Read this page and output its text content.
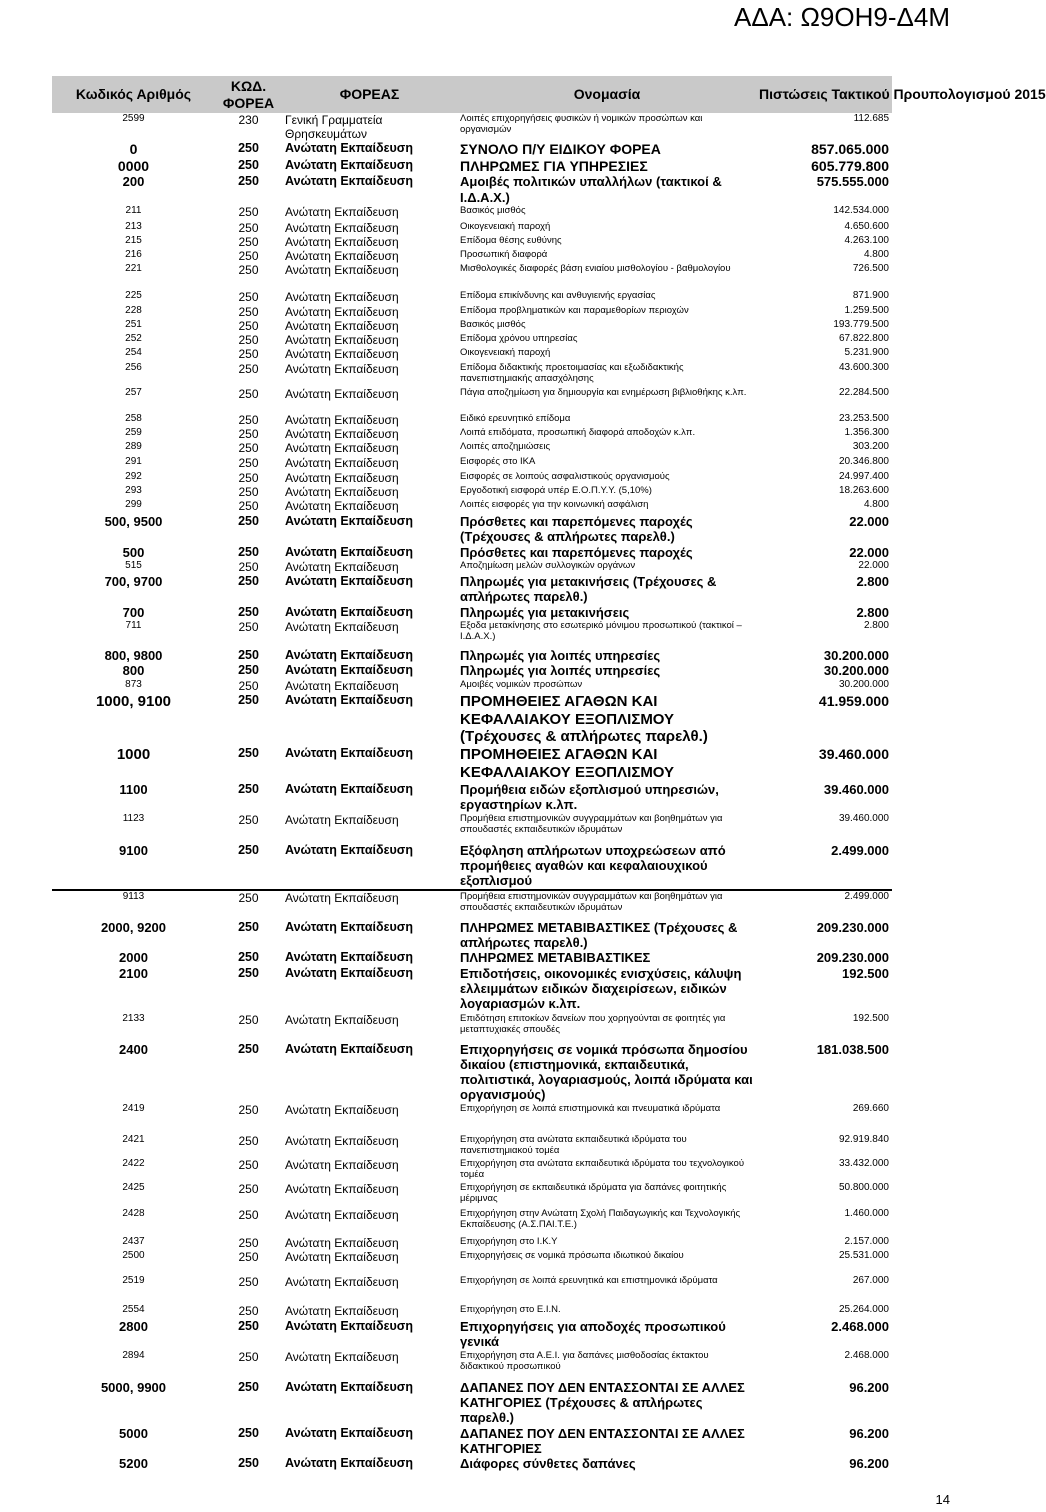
ΑΔΑ: Ω9ΟΗ9-Δ4Μ
Κωδικός Αριθμός	ΚΩΔ. ΦΟΡΕΑ	ΦΟΡΕΑΣ	Ονομασία	Πιστώσεις Τακτικού Προυπολογισμού 2015
2599	230	Γενική Γραμματεία Θρησκευμάτων	Λοιπές επιχορηγήσεις φυσικών ή νομικών προσώπων και οργανισμών	112.685
0	250	Ανώτατη Εκπαίδευση	ΣΥΝΟΛΟ Π/Υ ΕΙΔΙΚΟΥ ΦΟΡΕΑ	857.065.000
0000	250	Ανώτατη Εκπαίδευση	ΠΛΗΡΩΜΕΣ ΓΙΑ ΥΠΗΡΕΣΙΕΣ	605.779.800
200	250	Ανώτατη Εκπαίδευση	Αμοιβές πολιτικών υπαλλήλων (τακτικοί & Ι.Δ.Α.Χ.)	575.555.000
211	250	Ανώτατη Εκπαίδευση	Βασικός μισθός	142.534.000
213	250	Ανώτατη Εκπαίδευση	Οικογενειακή παροχή	4.650.600
215	250	Ανώτατη Εκπαίδευση	Επίδομα θέσης ευθύνης	4.263.100
216	250	Ανώτατη Εκπαίδευση	Προσωπική διαφορά	4.800
221	250	Ανώτατη Εκπαίδευση	Μισθολογικές διαφορές βάση ενιαίου μισθολογίου - βαθμολογίου	726.500
225	250	Ανώτατη Εκπαίδευση	Επίδομα επικίνδυνης και ανθυγιεινής εργασίας	871.900
228	250	Ανώτατη Εκπαίδευση	Επίδομα προβληματικών και παραμεθορίων περιοχών	1.259.500
251	250	Ανώτατη Εκπαίδευση	Βασικός μισθός	193.779.500
252	250	Ανώτατη Εκπαίδευση	Επίδομα χρόνου υπηρεσίας	67.822.800
254	250	Ανώτατη Εκπαίδευση	Οικογενειακή παροχή	5.231.900
256	250	Ανώτατη Εκπαίδευση	Επίδομα διδακτικής προετοιμασίας και εξωδιδακτικής πανεπιστημιακής απασχόλησης	43.600.300
257	250	Ανώτατη Εκπαίδευση	Πάγια αποζημίωση για δημιουργία και ενημέρωση βιβλιοθήκης κ.λπ.	22.284.500
258	250	Ανώτατη Εκπαίδευση	Ειδικό ερευνητικό επίδομα	23.253.500
259	250	Ανώτατη Εκπαίδευση	Λοιπά επιδόματα, προσωπική διαφορά αποδοχών κ.λπ.	1.356.300
289	250	Ανώτατη Εκπαίδευση	Λοιπές αποζημιώσεις	303.200
291	250	Ανώτατη Εκπαίδευση	Εισφορές στο ΙΚΑ	20.346.800
292	250	Ανώτατη Εκπαίδευση	Εισφορές σε λοιπούς ασφαλιστικούς οργανισμούς	24.997.400
293	250	Ανώτατη Εκπαίδευση	Εργοδοτική εισφορά υπέρ Ε.Ο.Π.Υ.Υ. (5,10%)	18.263.600
299	250	Ανώτατη Εκπαίδευση	Λοιπές εισφορές για την κοινωνική ασφάλιση	4.800
500, 9500	250	Ανώτατη Εκπαίδευση	Πρόσθετες και παρεπόμενες παροχές (Τρέχουσες & απλήρωτες παρελθ.)	22.000
500	250	Ανώτατη Εκπαίδευση	Πρόσθετες και παρεπόμενες παροχές	22.000
515	250	Ανώτατη Εκπαίδευση	Αποζημίωση μελών συλλογικών οργάνων	22.000
700, 9700	250	Ανώτατη Εκπαίδευση	Πληρωμές για μετακινήσεις (Τρέχουσες & απλήρωτες παρελθ.)	2.800
700	250	Ανώτατη Εκπαίδευση	Πληρωμές για μετακινήσεις	2.800
711	250	Ανώτατη Εκπαίδευση	Εξοδα μετακίνησης στο εσωτερικό μόνιμου προσωπικού (τακτικοί – Ι.Δ.Α.Χ.)	2.800
800, 9800	250	Ανώτατη Εκπαίδευση	Πληρωμές για λοιπές υπηρεσίες	30.200.000
800	250	Ανώτατη Εκπαίδευση	Πληρωμές για λοιπές υπηρεσίες	30.200.000
873	250	Ανώτατη Εκπαίδευση	Αμοιβές νομικών προσώπων	30.200.000
1000, 9100	250	Ανώτατη Εκπαίδευση	ΠΡΟΜΗΘΕΙΕΣ ΑΓΑΘΩΝ ΚΑΙ ΚΕΦΑΛΑΙΑΚΟΥ ΕΞΟΠΛΙΣΜΟΥ (Τρέχουσες & απλήρωτες παρελθ.)	41.959.000
1000	250	Ανώτατη Εκπαίδευση	ΠΡΟΜΗΘΕΙΕΣ ΑΓΑΘΩΝ ΚΑΙ ΚΕΦΑΛΑΙΑΚΟΥ ΕΞΟΠΛΙΣΜΟΥ	39.460.000
1100	250	Ανώτατη Εκπαίδευση	Προμήθεια ειδών εξοπλισμού υπηρεσιών, εργαστηρίων κ.λπ.	39.460.000
1123	250	Ανώτατη Εκπαίδευση	Προμήθεια επιστημονικών συγγραμμάτων και βοηθημάτων για σπουδαστές εκπαιδευτικών ιδρυμάτων	39.460.000
9100	250	Ανώτατη Εκπαίδευση	Εξόφληση απλήρωτων υποχρεώσεων από προμήθειες αγαθών και κεφαλαιουχικού εξοπλισμού	2.499.000
9113	250	Ανώτατη Εκπαίδευση	Προμήθεια επιστημονικών συγγραμμάτων και βοηθημάτων για σπουδαστές εκπαιδευτικών ιδρυμάτων	2.499.000
2000, 9200	250	Ανώτατη Εκπαίδευση	ΠΛΗΡΩΜΕΣ ΜΕΤΑΒΙΒΑΣΤΙΚΕΣ (Τρέχουσες & απλήρωτες παρελθ.)	209.230.000
2000	250	Ανώτατη Εκπαίδευση	ΠΛΗΡΩΜΕΣ ΜΕΤΑΒΙΒΑΣΤΙΚΕΣ	209.230.000
2100	250	Ανώτατη Εκπαίδευση	Επιδοτήσεις, οικονομικές ενισχύσεις, κάλυψη ελλειμμάτων ειδικών διαχειρίσεων, ειδικών λογαριασμών κ.λπ.	192.500
2133	250	Ανώτατη Εκπαίδευση	Επιδότηση επιτοκίων δανείων που χορηγούνται σε φοιτητές για μεταπτυχιακές σπουδές	192.500
2400	250	Ανώτατη Εκπαίδευση	Επιχορηγήσεις σε νομικά πρόσωπα δημοσίου δικαίου (επιστημονικά, εκπαιδευτικά, πολιτιστικά, λογαριασμούς, λοιπά ιδρύματα και οργανισμούς)	181.038.500
2419	250	Ανώτατη Εκπαίδευση	Επιχορήγηση σε λοιπά επιστημονικά και πνευματικά ιδρύματα	269.660
2421	250	Ανώτατη Εκπαίδευση	Επιχορήγηση στα ανώτατα εκπαιδευτικά ιδρύματα του πανεπιστημιακού τομέα	92.919.840
2422	250	Ανώτατη Εκπαίδευση	Επιχορήγηση στα ανώτατα εκπαιδευτικά ιδρύματα του τεχνολογικού τομέα	33.432.000
2425	250	Ανώτατη Εκπαίδευση	Επιχορήγηση σε εκπαιδευτικά ιδρύματα για δαπάνες φοιτητικής μέριμνας	50.800.000
2428	250	Ανώτατη Εκπαίδευση	Επιχορήγηση στην Ανώτατη Σχολή Παιδαγωγικής και Τεχνολογικής Εκπαίδευσης (Α.Σ.ΠΑΙ.Τ.Ε.)	1.460.000
2437	250	Ανώτατη Εκπαίδευση	Επιχορήγηση στο Ι.Κ.Υ	2.157.000
2500	250	Ανώτατη Εκπαίδευση	Επιχορηγήσεις σε νομικά πρόσωπα ιδιωτικού δικαίου	25.531.000
2519	250	Ανώτατη Εκπαίδευση	Επιχορήγηση σε λοιπά ερευνητικά και επιστημονικά ιδρύματα	267.000
2554	250	Ανώτατη Εκπαίδευση	Επιχορήγηση στο Ε.Ι.Ν.	25.264.000
2800	250	Ανώτατη Εκπαίδευση	Επιχορηγήσεις για αποδοχές προσωπικού γενικά	2.468.000
2894	250	Ανώτατη Εκπαίδευση	Επιχορήγηση στα Α.Ε.Ι. για δαπάνες μισθοδοσίας έκτακτου διδακτικού προσωπικού	2.468.000
5000, 9900	250	Ανώτατη Εκπαίδευση	ΔΑΠΑΝΕΣ ΠΟΥ ΔΕΝ ΕΝΤΑΣΣΟΝΤΑΙ ΣΕ ΑΛΛΕΣ ΚΑΤΗΓΟΡΙΕΣ (Τρέχουσες & απλήρωτες παρελθ.)	96.200
5000	250	Ανώτατη Εκπαίδευση	ΔΑΠΑΝΕΣ ΠΟΥ ΔΕΝ ΕΝΤΑΣΣΟΝΤΑΙ ΣΕ ΑΛΛΕΣ ΚΑΤΗΓΟΡΙΕΣ	96.200
5200	250	Ανώτατη Εκπαίδευση	Διάφορες σύνθετες δαπάνες	96.200
14
